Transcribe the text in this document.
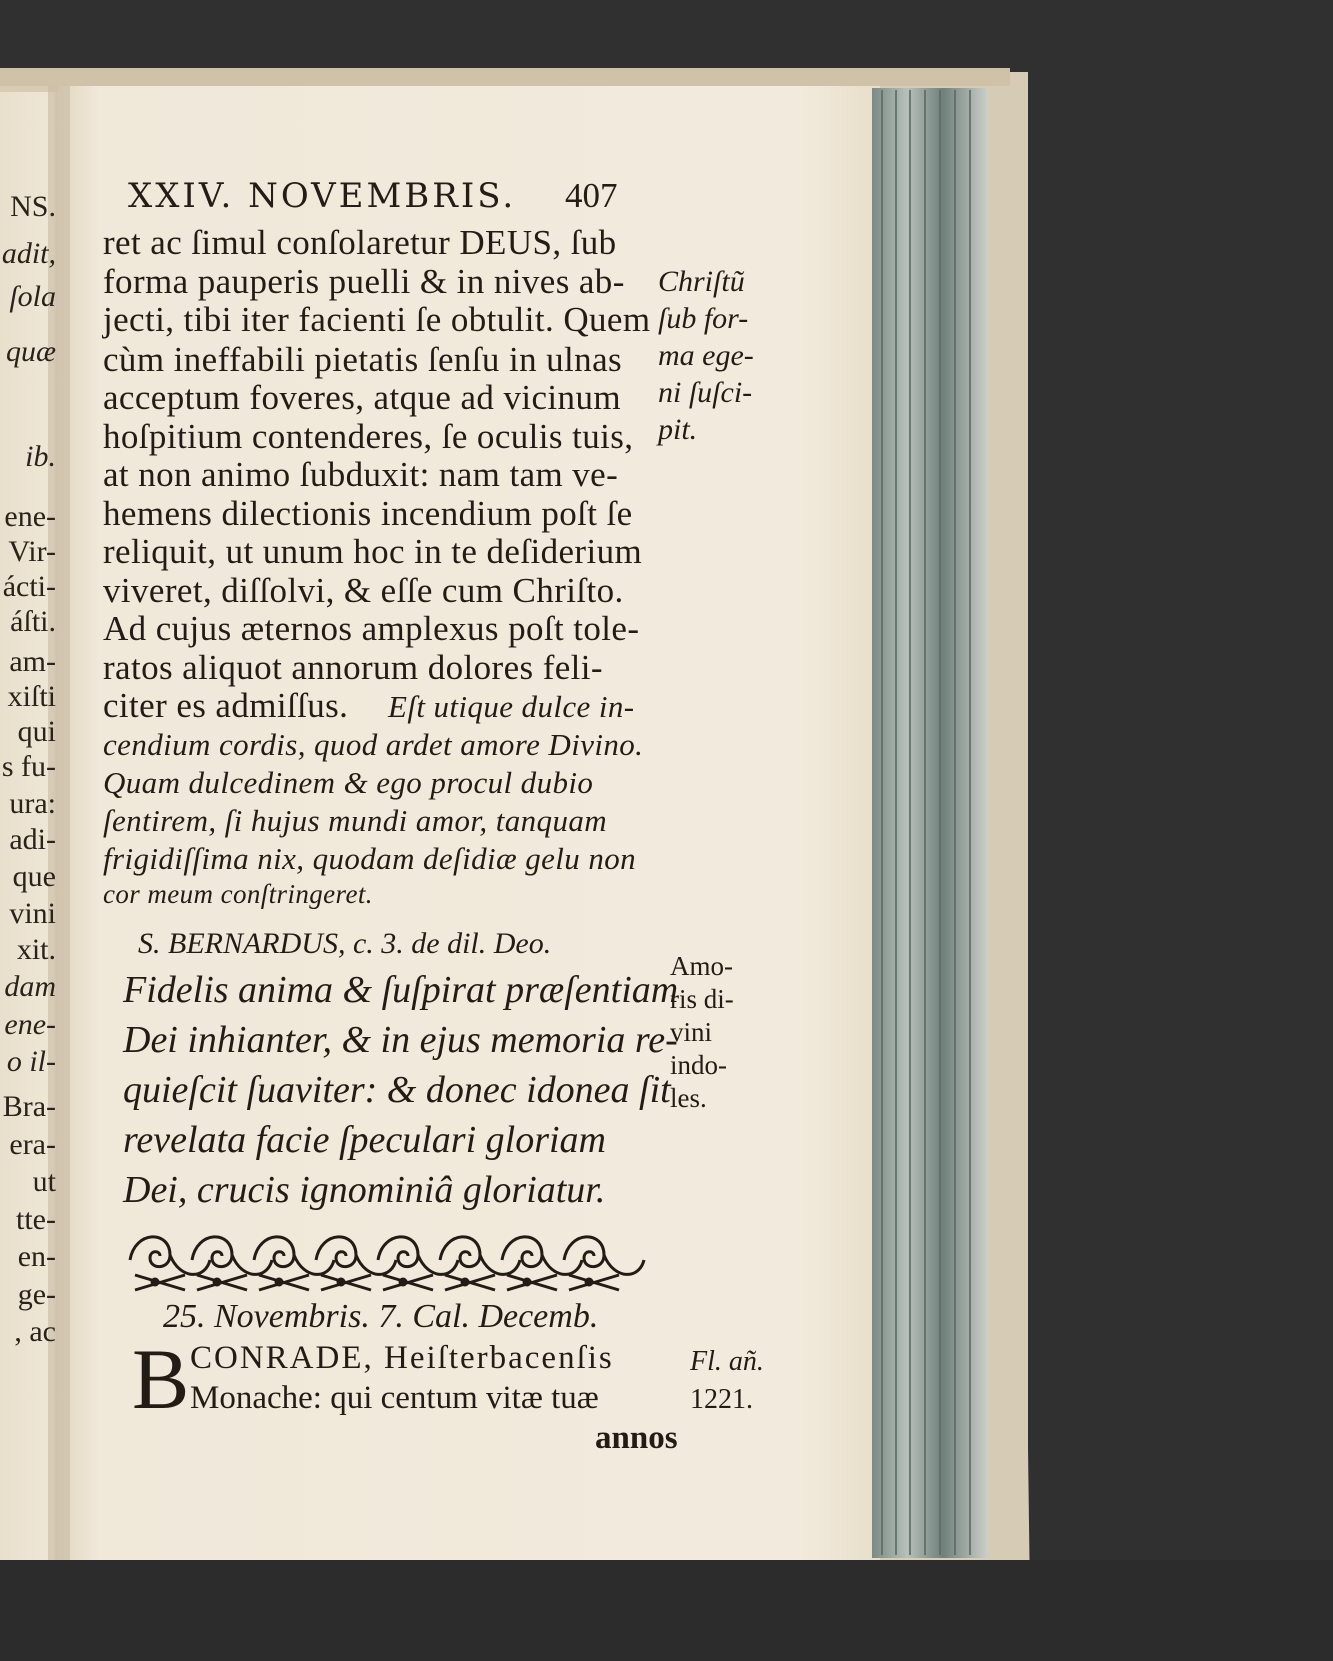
NS.
adit,
ſola
quæ
ib.
ene-
Vir-
ácti-
áſti.
am-
xiſti
qui
s fu-
ura:
adi-
que
vini
xit.
dam
ene-
o il-
Bra-
era-
ut
tte-
en-
ge-
, ac
XXIV. NOVEMBRIS. 407
ret ac ſimul conſolaretur DEUS, ſub
forma pauperis puelli & in nives ab-
jecti, tibi iter facienti ſe obtulit. Quem
cùm ineffabili pietatis ſenſu in ulnas
acceptum foveres, atque ad vicinum
hoſpitium contenderes, ſe oculis tuis,
at non animo ſubduxit: nam tam ve-
hemens dilectionis incendium poſt ſe
reliquit, ut unum hoc in te deſiderium
viveret, diſſolvi, & eſſe cum Chriſto.
Ad cujus æternos amplexus poſt tole-
ratos aliquot annorum dolores feli-
citer es admiſſus. Eſt utique dulce in-
cendium cordis, quod ardet amore Divino.
Quam dulcedinem & ego procul dubio
ſentirem, ſi hujus mundi amor, tanquam
frigidiſſima nix, quodam deſidiæ gelu non
cor meum conſtringeret.
S. BERNARDUS, c. 3. de dil. Deo.
Fidelis anima & ſuſpirat præſentiam
Dei inhianter, & in ejus memoria re-
quieſcit ſuaviter: & donec idonea ſit
revelata facie ſpeculari gloriam
Dei, crucis ignominiâ gloriatur.
25. Novembris. 7. Cal. Decemb.
B CONRADE, Heiſterbacenſis
Monache: qui centum vitæ tuæ
annos
Chriſtũ
ſub for-
ma ege-
ni ſuſci-
pit.
Amo-
ris di-
vini
indo-
les.
Fl. añ.
1221.
